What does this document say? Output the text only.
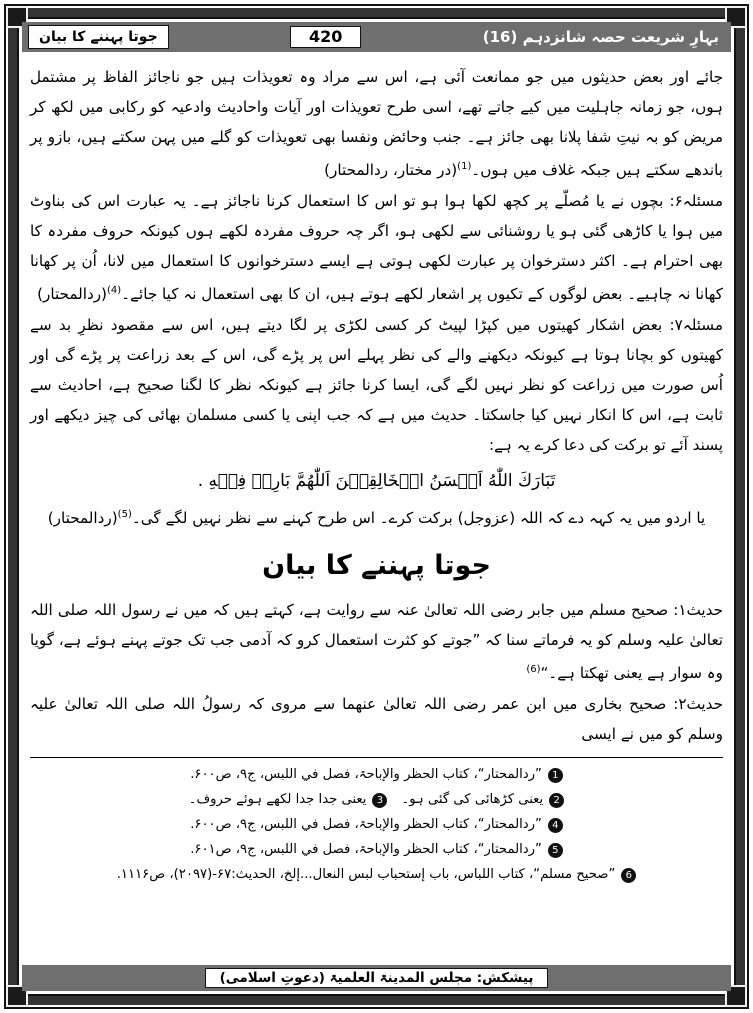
جوتا پہننے کا بیان	420	بہارِ شریعت حصہ شانزدہم (16)

جائے اور بعض حدیثوں میں جو ممانعت آئی ہے، اس سے مراد وہ تعویذات ہیں جو ناجائز الفاظ پر مشتمل ہوں، جو زمانہ جاہلیت میں کیے جاتے تھے، اسی طرح تعویذات اور آیات واحادیث وادعیہ کو رکابی میں لکھ کر مریض کو بہ نیتِ شفا پلانا بھی جائز ہے۔ جنب وحائض ونفسا بھی تعویذات کو گلے میں پہن سکتے ہیں، بازو پر باندھے سکتے ہیں جبکہ غلاف میں ہوں۔$^{(1)}$(در مختار، ردالمحتار)

مسئلہ۶: بچوں نے یا مُصلّے پر کچھ لکھا ہوا ہو تو اس کا استعمال کرنا ناجائز ہے۔ یہ عبارت اس کی بناوٹ میں ہوا یا کاڑھی گئی ہو یا روشنائی سے لکھی ہو، اگر چہ حروف مفردہ لکھے ہوں کیونکہ حروف مفردہ کا بھی احترام ہے۔ اکثر دسترخوان پر عبارت لکھی ہوتی ہے ایسے دسترخوانوں کا استعمال میں لانا، اُن پر کھانا کھانا نہ چاہیے۔ بعض لوگوں کے تکیوں پر اشعار لکھے ہوتے ہیں، ان کا بھی استعمال نہ کیا جائے۔$^{(4)}$(ردالمحتار)

مسئلہ۷: بعض اشکار کھیتوں میں کپڑا لپیٹ کر کسی لکڑی پر لگا دیتے ہیں، اس سے مقصود نظرِ بد سے کھیتوں کو بچانا ہوتا ہے کیونکہ دیکھنے والے کی نظر پہلے اس پر پڑے گی، اس کے بعد زراعت پر پڑے گی اور اُس صورت میں زراعت کو نظر نہیں لگے گی، ایسا کرنا جائز ہے کیونکہ نظر کا لگنا صحیح ہے، احادیث سے ثابت ہے، اس کا انکار نہیں کیا جاسکتا۔ حدیث میں ہے کہ جب اپنی یا کسی مسلمان بھائی کی چیز دیکھے اور پسند آئے تو برکت کی دعا کرے یہ ہے:

تَبَارَكَ اللّٰهُ اَحۡسَنُ الۡخَالِقِيۡنَ اَللّٰهُمَّ بَارِكۡ فِيۡهِ .

یا اردو میں یہ کہہ دے کہ اللہ (عزوجل) برکت کرے۔ اس طرح کہنے سے نظر نہیں لگے گی۔$^{(5)}$(ردالمحتار)

جوتا پہننے کا بیان

حدیث۱: صحیح مسلم میں جابر رضی اللہ تعالیٰ عنہ سے روایت ہے، کہتے ہیں کہ میں نے رسول اللہ صلی اللہ تعالیٰ علیہ وسلم کو یہ فرماتے سنا کہ ”جوتے کو کثرت استعمال کرو کہ آدمی جب تک جوتے پہنے ہوئے ہے، گویا وہ سوار ہے یعنی تھکتا ہے۔“$^{(6)}$

حدیث۲: صحیح بخاری میں ابن عمر رضی اللہ تعالیٰ عنھما سے مروی کہ رسولُ اللہ صلی اللہ تعالیٰ علیہ وسلم کو میں نے ایسی

1
”ردالمحتار“، کتاب الحظر والإباحۃ، فصل في اللبس، ج۹، ص۶۰۰.
2
یعنی کڑھائی کی گئی ہو۔
3
یعنی جدا جدا لکھے ہوئے حروف۔
4
”ردالمحتار“، کتاب الحظر والإباحۃ، فصل في اللبس، ج۹، ص۶۰۰.
5
”ردالمحتار“، کتاب الحظر والإباحۃ، فصل في اللبس، ج۹، ص۶۰۱.
6
”صحیح مسلم“، کتاب اللباس، باب إستحباب لبس النعال...إلخ، الحدیث:۶۷-(۲۰۹۷)، ص۱۱۱۶.
پیشکش: مجلس المدینۃ العلمیۃ (دعوتِ اسلامی)
